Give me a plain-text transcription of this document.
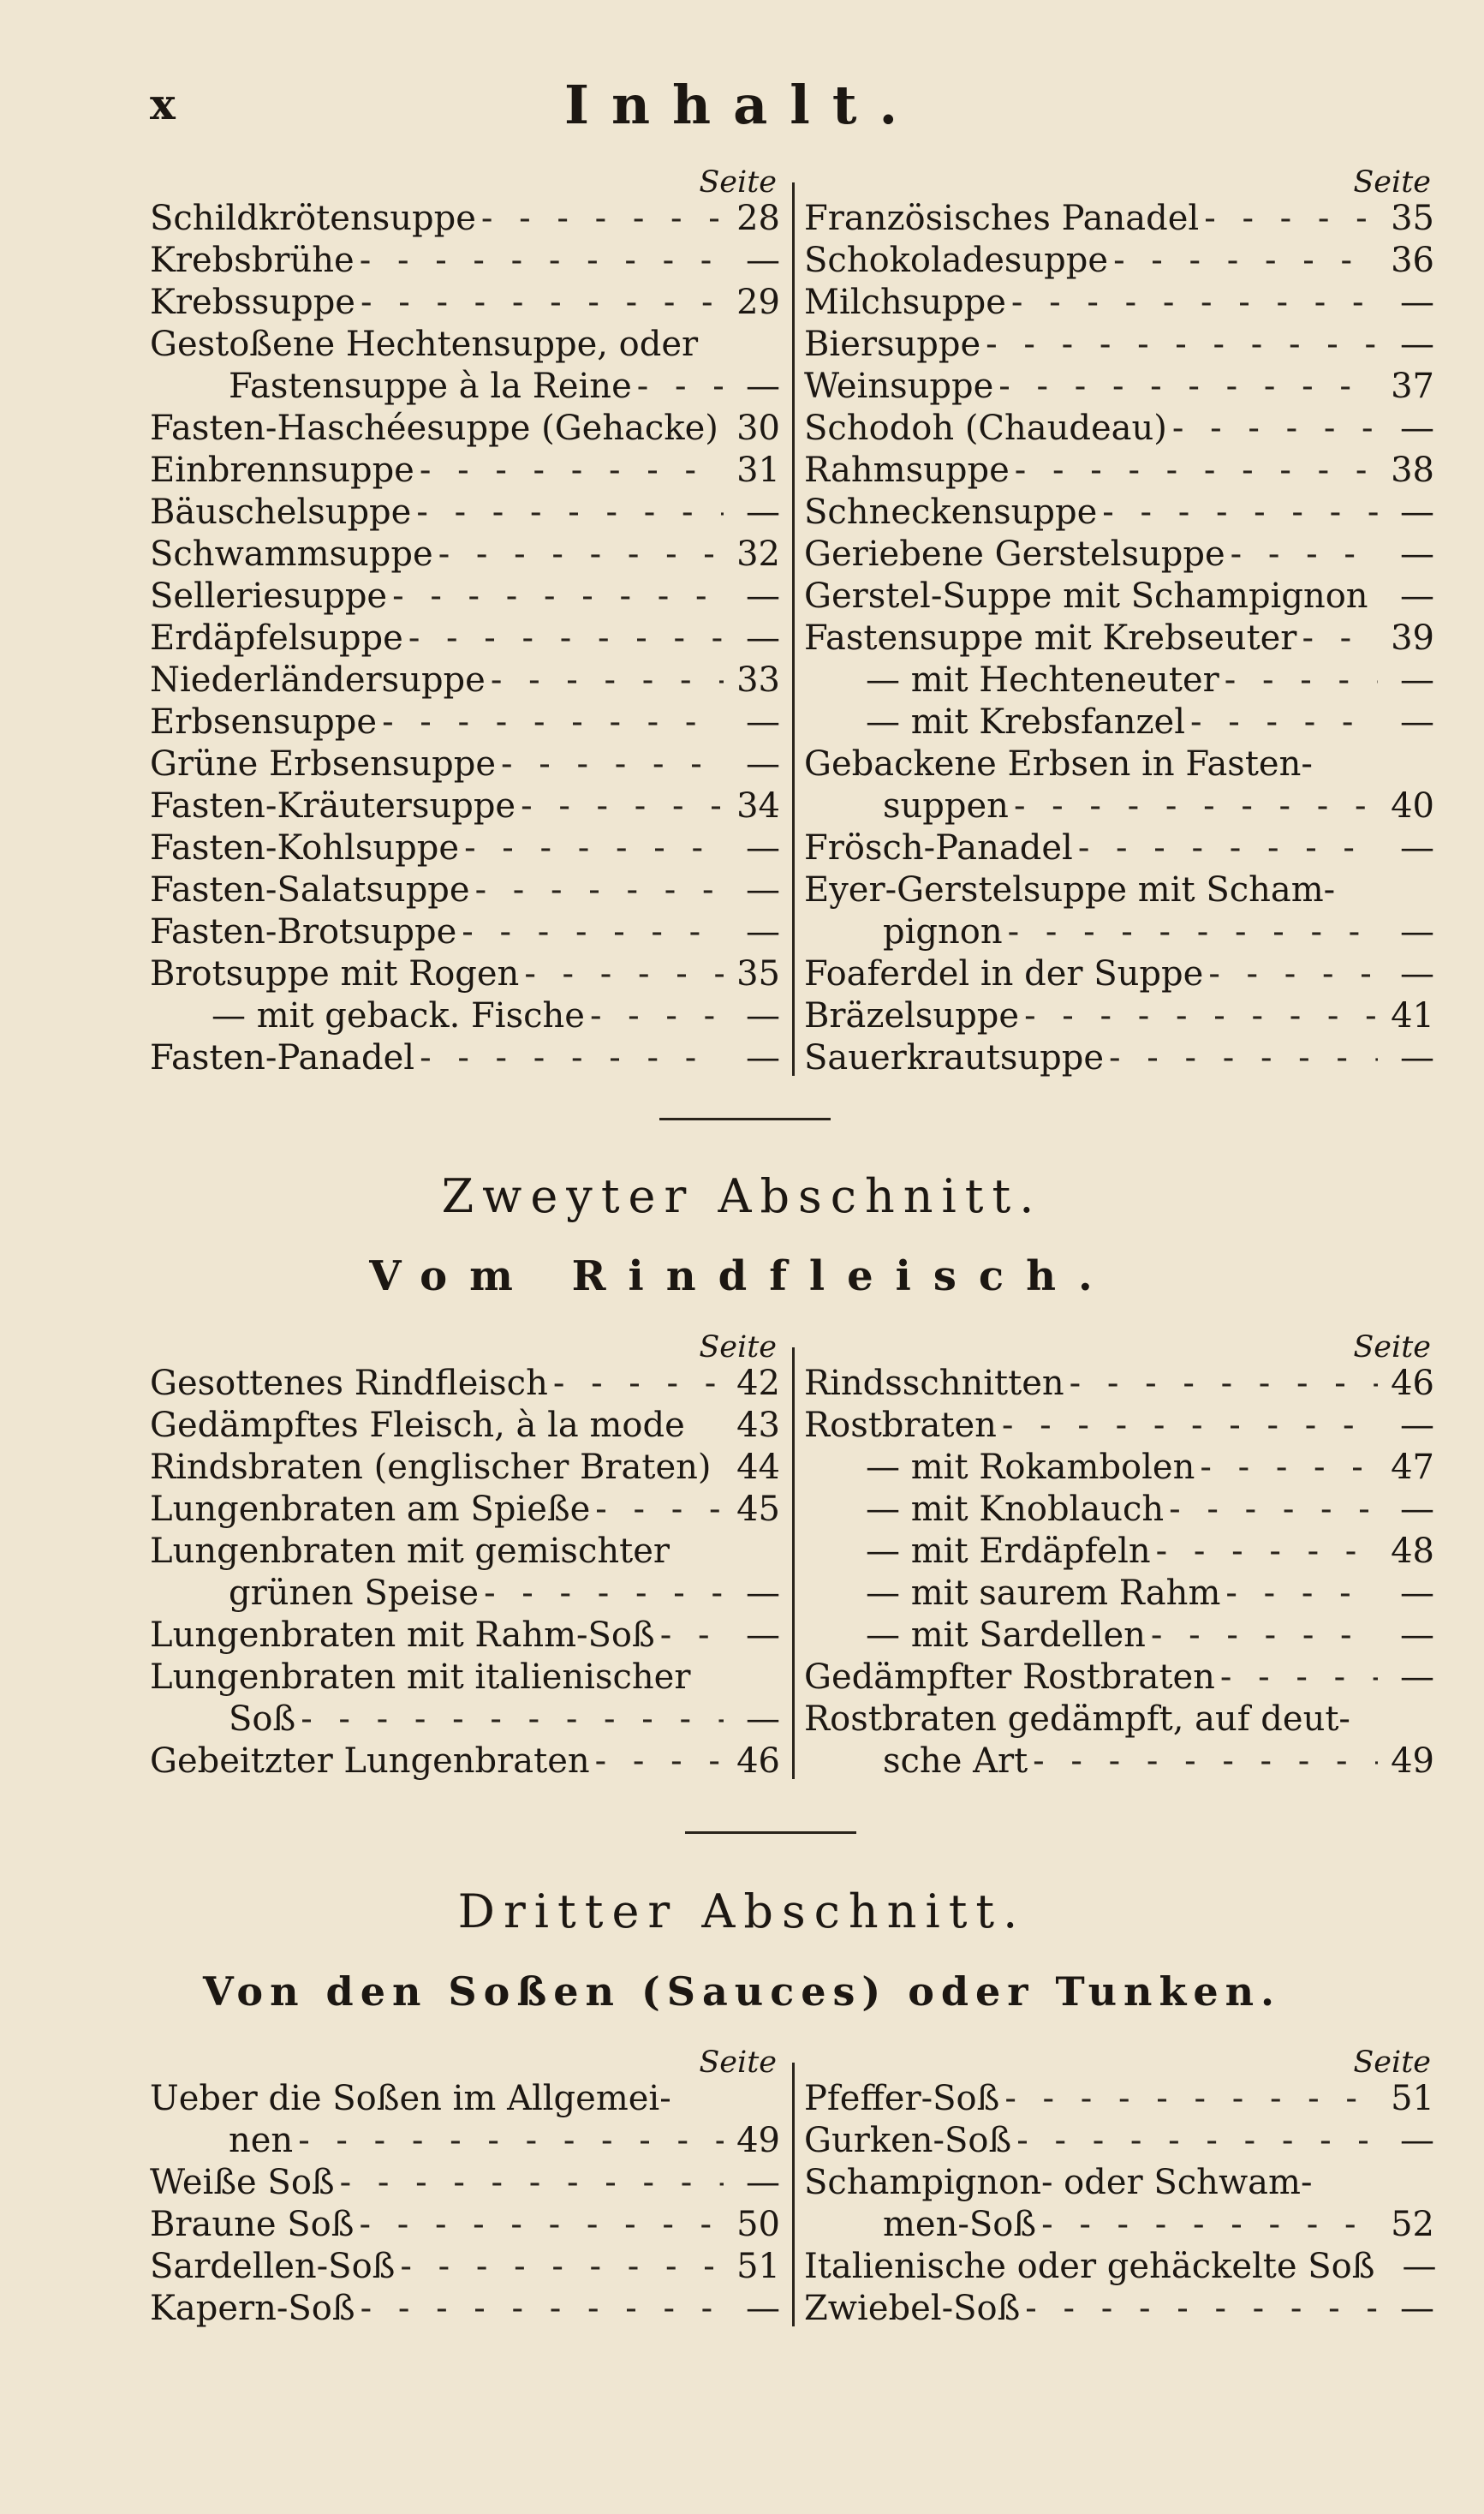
x	Inhalt.
Seite
Schildkrötensuppe - - -	28
Krebsbrühe - - -	—
Krebssuppe - - -	29
Gestoßene Hechtensuppe, oder
Fastensuppe à la Reine - - -	—
Fasten-Haschéesuppe (Gehacke) - - - 30
Einbrennsuppe - - -	31
Bäuschelsuppe - - -	—
Schwammsuppe - - -	32
Selleriesuppe - - -	—
Erdäpfelsuppe - - -	—
Niederländersuppe - - -	33
Erbsensuppe - - -	—
Grüne Erbsensuppe - - -	—
Fasten-Kräutersuppe - - -	34
Fasten-Kohlsuppe - - -	—
Fasten-Salatsuppe - - -	—
Fasten-Brotsuppe - - -	—
Brotsuppe mit Rogen - - -	35
— mit geback. Fische - - -	—
Fasten-Panadel - - -	—
Seite
Französisches Panadel - - -	35
Schokoladesuppe - - -	36
Milchsuppe - - -	—
Biersuppe - - -	—
Weinsuppe - - -	37
Schodoh (Chaudeau) - - -	—
Rahmsuppe - - -	38
Schneckensuppe - - -	—
Geriebene Gerstelsuppe - - -	—
Gerstel-Suppe mit Schampignon —
Fastensuppe mit Krebseuter - - -	39
— mit Hechteneuter - - -	—
— mit Krebsfanzel - - -	—
Gebackene Erbsen in Fasten-
suppen - - -	40
Frösch-Panadel - - -	—
Eyer-Gerstelsuppe mit Scham-
pignon - - -	—
Foaferdel in der Suppe - - -	—
Bräzelsuppe - - -	41
Sauerkrautsuppe - - -	—
Zweyter Abschnitt.
Vom Rindfleisch.
Seite
Gesottenes Rindfleisch - - -	42
Gedämpftes Fleisch, à la mode 43
Rindsbraten (englischer Braten) 44
Lungenbraten am Spieße - - -	45
Lungenbraten mit gemischter
grünen Speise - - -	—
Lungenbraten mit Rahm-Soß - - -	—
Lungenbraten mit italienischer
Soß - - -	—
Gebeitzter Lungenbraten - - -	46
Seite
Rindsschnitten - - -	46
Rostbraten - - -	—
— mit Rokambolen - - -	47
— mit Knoblauch - - -	—
— mit Erdäpfeln - - -	48
— mit saurem Rahm - - -	—
— mit Sardellen - - -	—
Gedämpfter Rostbraten - - -	—
Rostbraten gedämpft, auf deut-
sche Art - - -	49
Dritter Abschnitt.
Von den Soßen (Sauces) oder Tunken.
Seite
Ueber die Soßen im Allgemei-
nen - - -	49
Weiße Soß - - -	—
Braune Soß - - -	50
Sardellen-Soß - - -	51
Kapern-Soß - - -	—
Seite
Pfeffer-Soß - - -	51
Gurken-Soß - - -	—
Schampignon- oder Schwam-
men-Soß - - -	52
Italienische oder gehäckelte Soß —
Zwiebel-Soß - - -	—
